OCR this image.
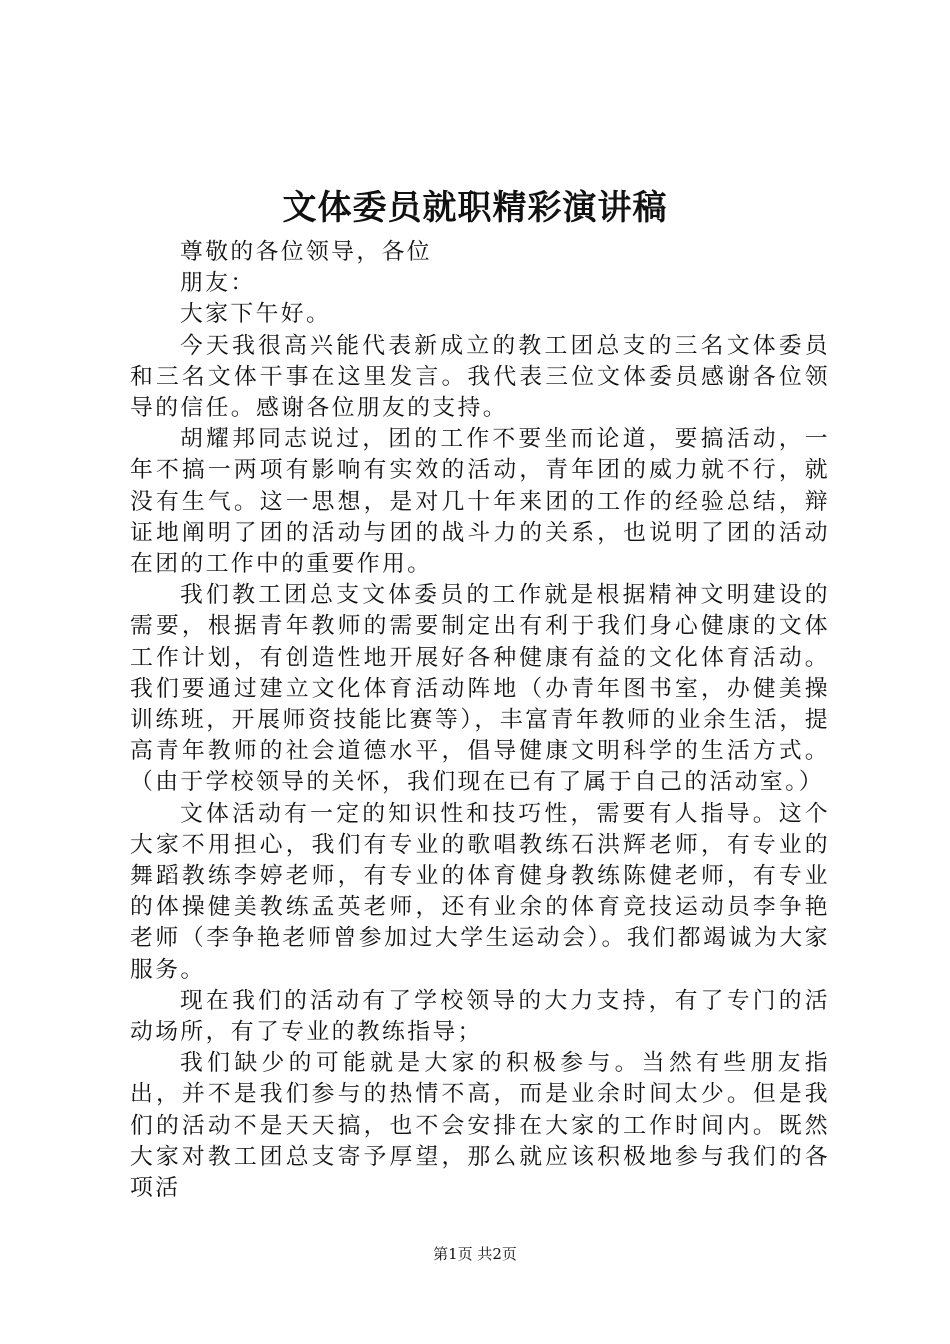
文体委员就职精彩演讲稿

尊敬的各位领导，各位

朋友：

大家下午好。

今天我很高兴能代表新成立的教工团总支的三名文体委员和三名文体干事在这里发言。我代表三位文体委员感谢各位领导的信任。感谢各位朋友的支持。

胡耀邦同志说过，团的工作不要坐而论道，要搞活动，一年不搞一两项有影响有实效的活动，青年团的威力就不行，就没有生气。这一思想，是对几十年来团的工作的经验总结，辩证地阐明了团的活动与团的战斗力的关系，也说明了团的活动在团的工作中的重要作用。

我们教工团总支文体委员的工作就是根据精神文明建设的需要，根据青年教师的需要制定出有利于我们身心健康的文体工作计划，有创造性地开展好各种健康有益的文化体育活动。我们要通过建立文化体育活动阵地（办青年图书室，办健美操训练班，开展师资技能比赛等），丰富青年教师的业余生活，提高青年教师的社会道德水平，倡导健康文明科学的生活方式。（由于学校领导的关怀，我们现在已有了属于自己的活动室。）

文体活动有一定的知识性和技巧性，需要有人指导。这个大家不用担心，我们有专业的歌唱教练石洪辉老师，有专业的舞蹈教练李婷老师，有专业的体育健身教练陈健老师，有专业的体操健美教练孟英老师，还有业余的体育竞技运动员李争艳老师（李争艳老师曾参加过大学生运动会）。我们都竭诚为大家服务。

现在我们的活动有了学校领导的大力支持，有了专门的活动场所，有了专业的教练指导；

我们缺少的可能就是大家的积极参与。当然有些朋友指出，并不是我们参与的热情不高，而是业余时间太少。但是我们的活动不是天天搞，也不会安排在大家的工作时间内。既然大家对教工团总支寄予厚望，那么就应该积极地参与我们的各项活

第1页 共2页
